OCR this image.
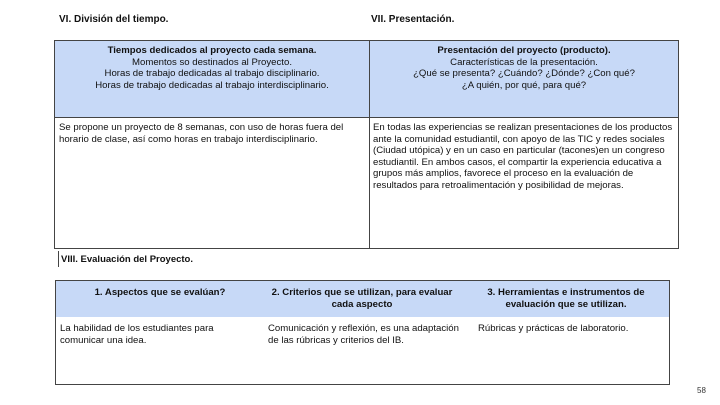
VI. División del tiempo.	VII. Presentación.
Tiempos dedicados al proyecto cada semana.
Momentos so destinados al Proyecto.
Horas de trabajo dedicadas al trabajo disciplinario.
Horas de trabajo dedicadas al trabajo interdisciplinario.
Presentación del proyecto (producto).
Características de la presentación.
¿Qué se presenta? ¿Cuándo? ¿Dónde? ¿Con qué?
¿A quién, por qué, para qué?
Se propone un proyecto de 8 semanas, con uso de horas fuera del horario de clase, así como horas en trabajo interdisciplinario.
En todas las experiencias se realizan presentaciones de los productos ante la comunidad estudiantil, con apoyo de las TIC y redes sociales (Ciudad utópica) y en un caso en particular (tacones)en un congreso estudiantil. En ambos casos, el compartir la experiencia educativa a grupos más amplios, favorece el proceso en la evaluación de resultados para retroalimentación y posibilidad de mejoras.
VIII. Evaluación del Proyecto.
1. Aspectos que se evalúan?	2. Criterios que se utilizan, para evaluar cada aspecto
3. Herramientas e instrumentos de evaluación que se utilizan.
La habilidad de los estudiantes para comunicar una idea.
Comunicación y reflexión, es una adaptación de las rúbricas y criterios del IB.
Rúbricas y prácticas de laboratorio.
58
